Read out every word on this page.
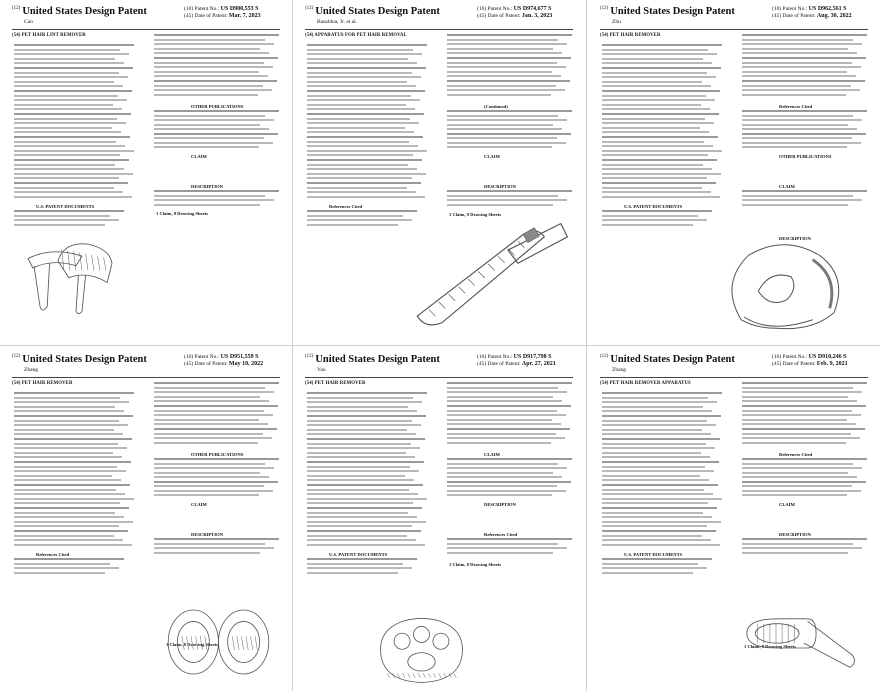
$^{(12)}$ United States Design Patent
Cao
(10) Patent No.: US D980,553 S
(45) Date of Patent: Mar. 7, 2023
(54) PET HAIR LINT REMOVER
OTHER PUBLICATIONS
CLAIM
DESCRIPTION
U.S. PATENT DOCUMENTS
1 Claim, 8 Drawing Sheets
$^{(12)}$ United States Design Patent
Basaldua, Jr. et al.
(10) Patent No.: US D974,677 S
(45) Date of Patent: Jan. 3, 2023
(54) APPARATUS FOR PET HAIR REMOVAL
(Continued)
CLAIM
DESCRIPTION
References Cited
1 Claim, 9 Drawing Sheets
$^{(12)}$ United States Design Patent
Zhu
(10) Patent No.: US D962,561 S
(45) Date of Patent: Aug. 30, 2022
(54) PET HAIR REMOVER
References Cited
OTHER PUBLICATIONS
CLAIM
DESCRIPTION
U.S. PATENT DOCUMENTS
$^{(12)}$ United States Design Patent
Zhang
(10) Patent No.: US D951,559 S
(45) Date of Patent: May 10, 2022
(54) PET HAIR REMOVER
OTHER PUBLICATIONS
CLAIM
DESCRIPTION
References Cited
1 Claim, 8 Drawing Sheets
$^{(12)}$ United States Design Patent
Yao
(10) Patent No.: US D917,798 S
(45) Date of Patent: Apr. 27, 2021
(54) PET HAIR REMOVER
CLAIM
DESCRIPTION
References Cited
U.S. PATENT DOCUMENTS
1 Claim, 8 Drawing Sheets
$^{(12)}$ United States Design Patent
Zhang
(10) Patent No.: US D910,246 S
(45) Date of Patent: Feb. 9, 2021
(54) PET HAIR REMOVER APPARATUS
References Cited
CLAIM
DESCRIPTION
U.S. PATENT DOCUMENTS
1 Claim, 8 Drawing Sheets
